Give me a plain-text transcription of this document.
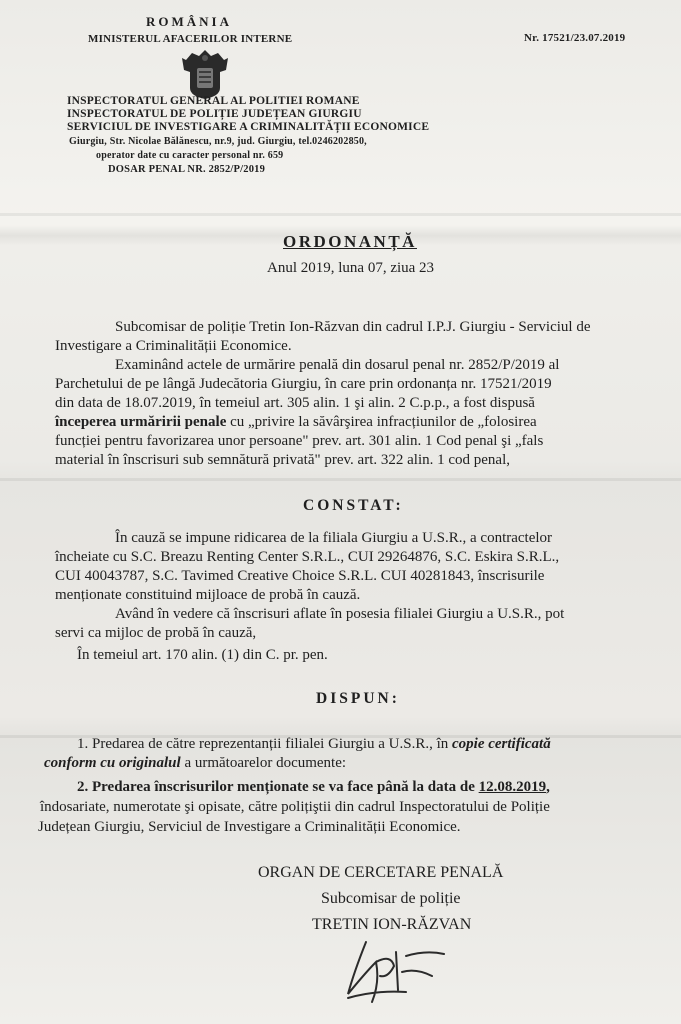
ROMÂNIA
MINISTERUL AFACERILOR INTERNE	Nr. 17521/23.07.2019
INSPECTORATUL GENERAL AL POLITIEI ROMANE
INSPECTORATUL DE POLIȚIE JUDEȚEAN GIURGIU
SERVICIUL DE INVESTIGARE A CRIMINALITĂȚII ECONOMICE
Giurgiu, Str. Nicolae Bălănescu, nr.9, jud. Giurgiu, tel.0246202850,
operator date cu caracter personal nr. 659
DOSAR PENAL NR. 2852/P/2019
ORDONANȚĂ
Anul 2019, luna 07, ziua 23
Subcomisar de poliție Tretin Ion-Răzvan din cadrul I.P.J. Giurgiu - Serviciul de
Investigare a Criminalității Economice.
Examinând actele de urmărire penală din dosarul penal nr. 2852/P/2019 al
Parchetului de pe lângă Judecătoria Giurgiu, în care prin ordonanța nr. 17521/2019
din data de 18.07.2019, în temeiul art. 305 alin. 1 şi alin. 2 C.p.p., a fost dispusă
începerea urmăririi penale cu „privire la săvârşirea infracțiunilor de „folosirea
funcției pentru favorizarea unor persoane" prev. art. 301 alin. 1 Cod penal şi „fals
material în înscrisuri sub semnătură privată" prev. art. 322 alin. 1 cod penal,
CONSTAT:
În cauză se impune ridicarea de la filiala Giurgiu a U.S.R., a contractelor
încheiate cu S.C. Breazu Renting Center S.R.L., CUI 29264876, S.C. Eskira S.R.L.,
CUI 40043787, S.C. Tavimed Creative Choice S.R.L. CUI 40281843, înscrisurile
menționate constituind mijloace de probă în cauză.
Având în vedere că înscrisuri aflate în posesia filialei Giurgiu a U.S.R., pot
servi ca mijloc de probă în cauză,
În temeiul art. 170 alin. (1) din C. pr. pen.
DISPUN:
1. Predarea de către reprezentanții filialei Giurgiu a U.S.R., în copie certificată
conform cu originalul a următoarelor documente:
2. Predarea înscrisurilor menționate se va face până la data de 12.08.2019,
îndosariate, numerotate şi opisate, către polițiştii din cadrul Inspectoratului de Poliție
Județean Giurgiu, Serviciul de Investigare a Criminalității Economice.
ORGAN DE CERCETARE PENALĂ
Subcomisar de poliție
TRETIN ION-RĂZVAN
